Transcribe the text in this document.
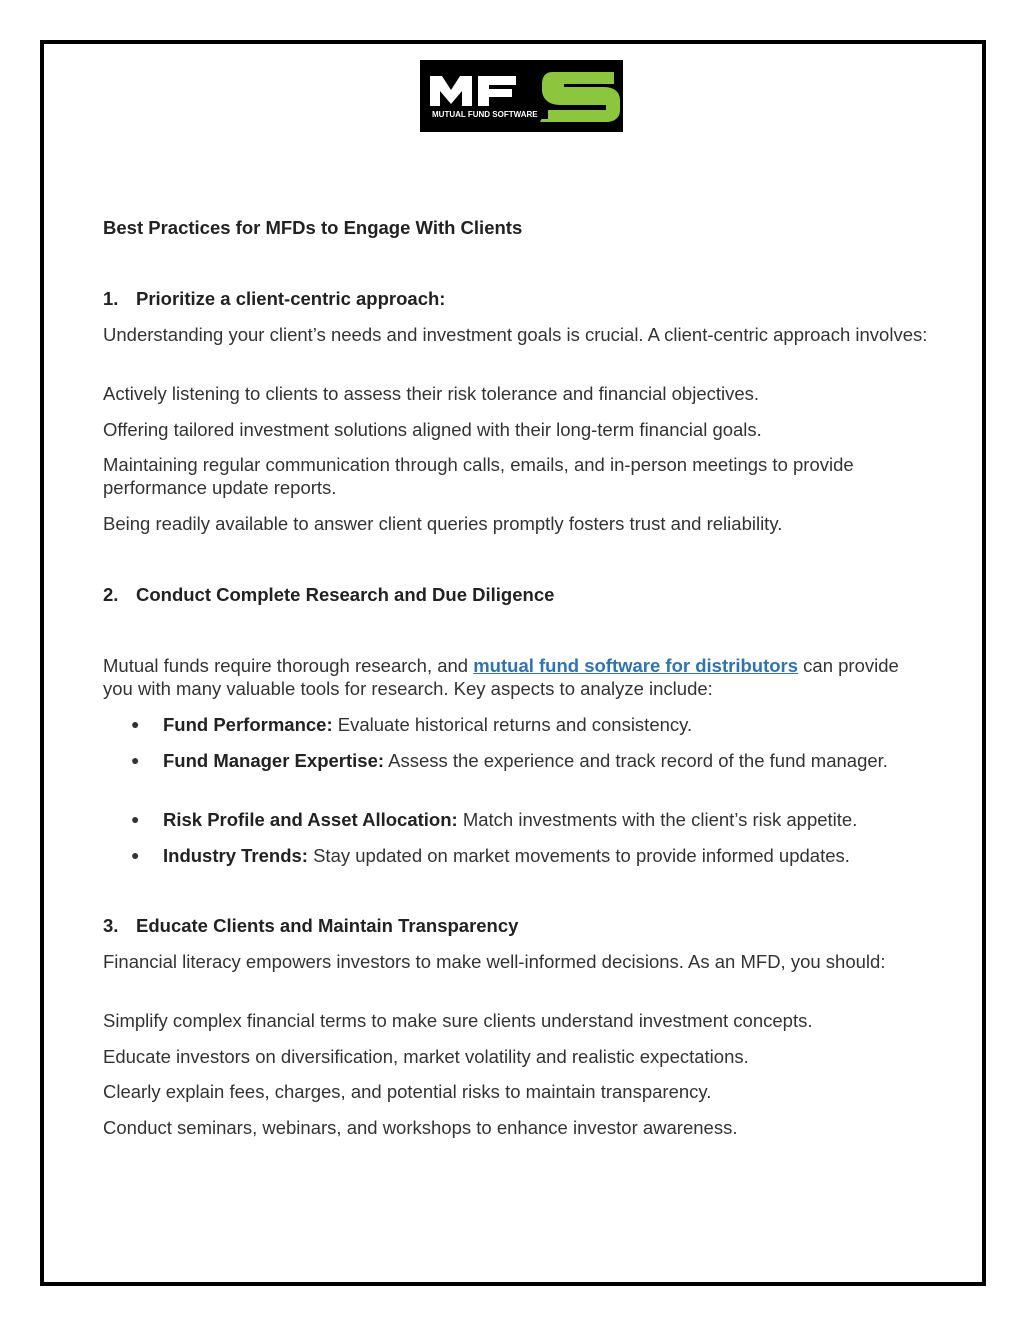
MUTUAL FUND SOFTWARE

Best Practices for MFDs to Engage With Clients

1. Prioritize a client-centric approach:

Understanding your client’s needs and investment goals is crucial. A client-centric approach involves:

Actively listening to clients to assess their risk tolerance and financial objectives.

Offering tailored investment solutions aligned with their long-term financial goals.

Maintaining regular communication through calls, emails, and in-person meetings to provide performance update reports.

Being readily available to answer client queries promptly fosters trust and reliability.

2. Conduct Complete Research and Due Diligence

Mutual funds require thorough research, and mutual fund software for distributors can provide you with many valuable tools for research. Key aspects to analyze include:

● Fund Performance: Evaluate historical returns and consistency.
● Fund Manager Expertise: Assess the experience and track record of the fund manager.
● Risk Profile and Asset Allocation: Match investments with the client’s risk appetite.
● Industry Trends: Stay updated on market movements to provide informed updates.

3. Educate Clients and Maintain Transparency

Financial literacy empowers investors to make well-informed decisions. As an MFD, you should:

Simplify complex financial terms to make sure clients understand investment concepts.

Educate investors on diversification, market volatility and realistic expectations.

Clearly explain fees, charges, and potential risks to maintain transparency.

Conduct seminars, webinars, and workshops to enhance investor awareness.
